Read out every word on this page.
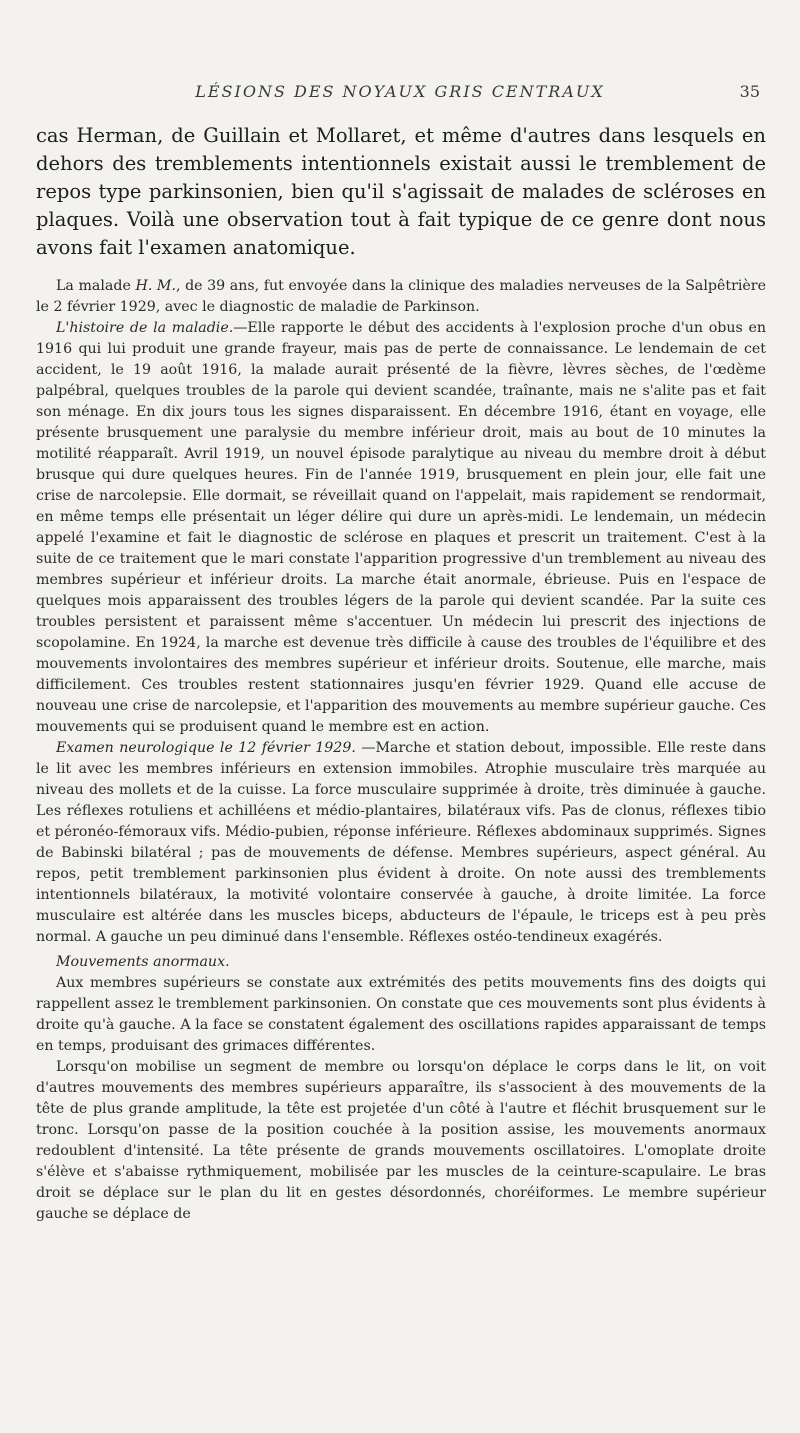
LÉSIONS DES NOYAUX GRIS CENTRAUX	35

cas Herman, de Guillain et Mollaret, et même d'autres dans lesquels en dehors des tremblements intentionnels existait aussi le tremblement de repos type parkinsonien, bien qu'il s'agissait de malades de scléroses en plaques. Voilà une observation tout à fait typique de ce genre dont nous avons fait l'examen anatomique.

La malade H. M., de 39 ans, fut envoyée dans la clinique des maladies nerveuses de la Salpêtrière le 2 février 1929, avec le diagnostic de maladie de Parkinson.

L'histoire de la maladie.—Elle rapporte le début des accidents à l'explosion proche d'un obus en 1916 qui lui produit une grande frayeur, mais pas de perte de connaissance. Le lendemain de cet accident, le 19 août 1916, la malade aurait présenté de la fièvre, lèvres sèches, de l'œdème palpébral, quelques troubles de la parole qui devient scandée, traînante, mais ne s'alite pas et fait son ménage. En dix jours tous les signes disparaissent. En décembre 1916, étant en voyage, elle présente brusquement une paralysie du membre inférieur droit, mais au bout de 10 minutes la motilité réapparaît. Avril 1919, un nouvel épisode paralytique au niveau du membre droit à début brusque qui dure quelques heures. Fin de l'année 1919, brusquement en plein jour, elle fait une crise de narcolepsie. Elle dormait, se réveillait quand on l'appelait, mais rapidement se rendormait, en même temps elle présentait un léger délire qui dure un après-midi. Le lendemain, un médecin appelé l'examine et fait le diagnostic de sclérose en plaques et prescrit un traitement. C'est à la suite de ce traitement que le mari constate l'apparition progressive d'un tremblement au niveau des membres supérieur et inférieur droits. La marche était anormale, ébrieuse. Puis en l'espace de quelques mois apparaissent des troubles légers de la parole qui devient scandée. Par la suite ces troubles persistent et paraissent même s'accentuer. Un médecin lui prescrit des injections de scopolamine. En 1924, la marche est devenue très difficile à cause des troubles de l'équilibre et des mouvements involontaires des membres supérieur et inférieur droits. Soutenue, elle marche, mais difficilement. Ces troubles restent stationnaires jusqu'en février 1929. Quand elle accuse de nouveau une crise de narcolepsie, et l'apparition des mouvements au membre supérieur gauche. Ces mouvements qui se produisent quand le membre est en action.

Examen neurologique le 12 février 1929. —Marche et station debout, impossible. Elle reste dans le lit avec les membres inférieurs en extension immobiles. Atrophie musculaire très marquée au niveau des mollets et de la cuisse. La force musculaire supprimée à droite, très diminuée à gauche. Les réflexes rotuliens et achilléens et médio-plantaires, bilatéraux vifs. Pas de clonus, réflexes tibio et péronéo-fémoraux vifs. Médio-pubien, réponse inférieure. Réflexes abdominaux supprimés. Signes de Babinski bilatéral ; pas de mouvements de défense. Membres supérieurs, aspect général. Au repos, petit tremblement parkinsonien plus évident à droite. On note aussi des tremblements intentionnels bilatéraux, la motivité volontaire conservée à gauche, à droite limitée. La force musculaire est altérée dans les muscles biceps, abducteurs de l'épaule, le triceps est à peu près normal. A gauche un peu diminué dans l'ensemble. Réflexes ostéo-tendineux exagérés.

Mouvements anormaux.

Aux membres supérieurs se constate aux extrémités des petits mouvements fins des doigts qui rappellent assez le tremblement parkinsonien. On constate que ces mouvements sont plus évidents à droite qu'à gauche. A la face se constatent également des oscillations rapides apparaissant de temps en temps, produisant des grimaces différentes.

Lorsqu'on mobilise un segment de membre ou lorsqu'on déplace le corps dans le lit, on voit d'autres mouvements des membres supérieurs apparaître, ils s'associent à des mouvements de la tête de plus grande amplitude, la tête est projetée d'un côté à l'autre et fléchit brusquement sur le tronc. Lorsqu'on passe de la position couchée à la position assise, les mouvements anormaux redoublent d'intensité. La tête présente de grands mouvements oscillatoires. L'omoplate droite s'élève et s'abaisse rythmiquement, mobilisée par les muscles de la ceinture-scapulaire. Le bras droit se déplace sur le plan du lit en gestes désordonnés, choréiformes. Le membre supérieur gauche se déplace de
